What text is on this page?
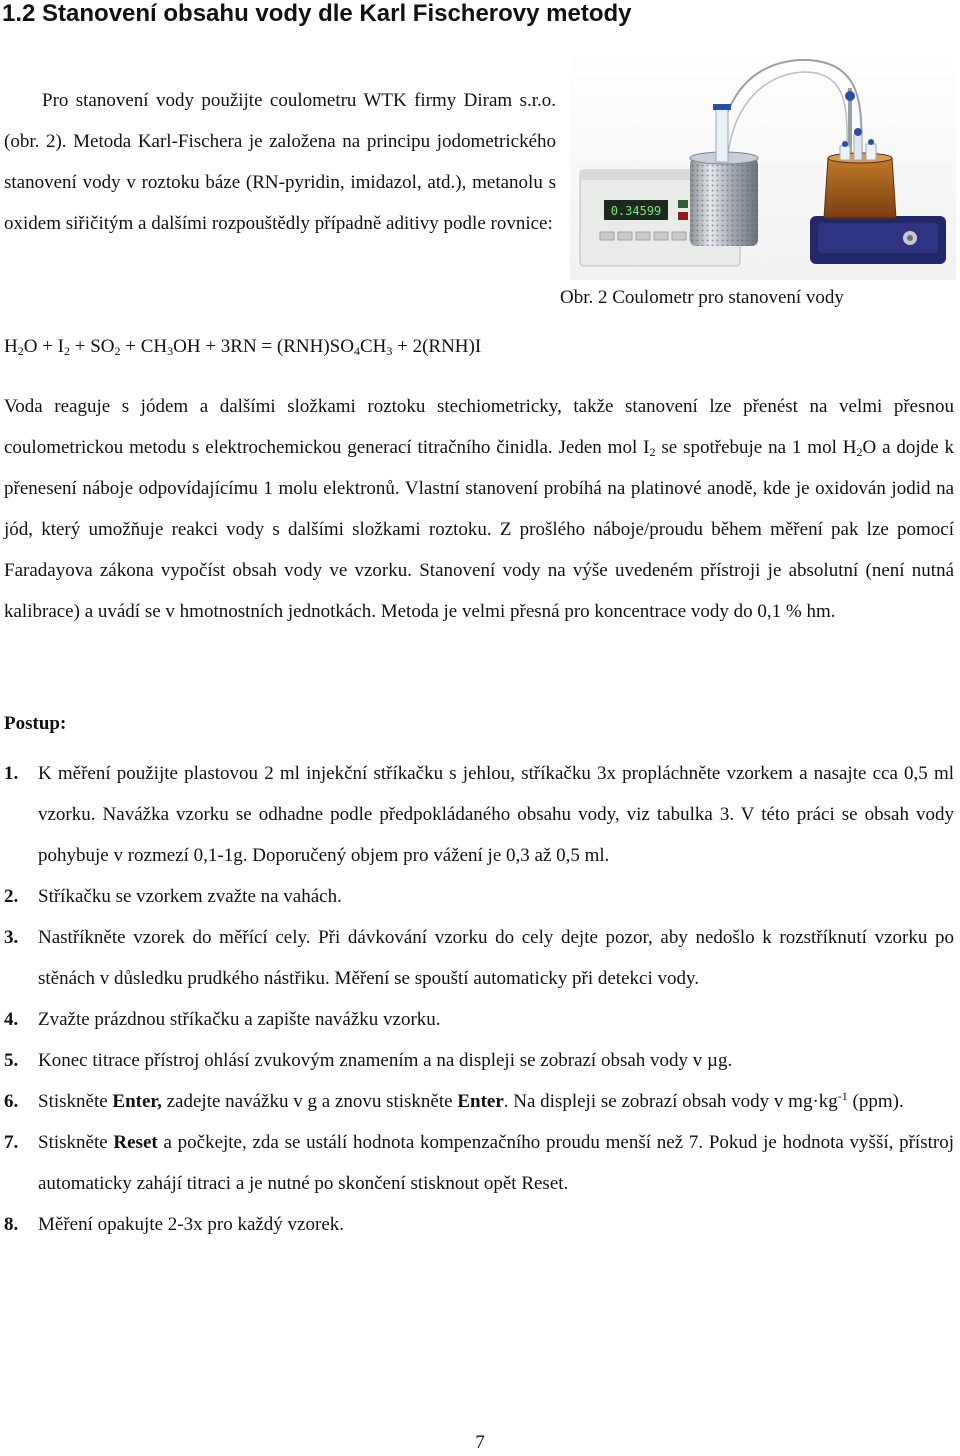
1.2 Stanovení obsahu vody dle Karl Fischerovy metody

Pro stanovení vody použijte coulometru WTK firmy Diram s.r.o. (obr. 2). Metoda Karl-Fischera je založena na principu jodometrického stanovení vody v roztoku báze (RN-pyridin, imidazol, atd.), metanolu s oxidem siřičitým a dalšími rozpouštědly případně aditivy podle rovnice:

0.34599
Obr. 2 Coulometr pro stanovení vody
$H_2O + I_2 + SO_2 + CH_3OH + 3RN = (RNH)SO_4CH_3 + 2(RNH)I$

Voda reaguje s jódem a dalšími složkami roztoku stechiometricky, takže stanovení lze přenést na velmi přesnou coulometrickou metodu s elektrochemickou generací titračního činidla. Jeden mol $I_2$ se spotřebuje na 1 mol $H_2O$ a dojde k přenesení náboje odpovídajícímu 1 molu elektronů. Vlastní stanovení probíhá na platinové anodě, kde je oxidován jodid na jód, který umožňuje reakci vody s dalšími složkami roztoku. Z prošlého náboje/proudu během měření pak lze pomocí Faradayova zákona vypočíst obsah vody ve vzorku. Stanovení vody na výše uvedeném přístroji je absolutní (není nutná kalibrace) a uvádí se v hmotnostních jednotkách. Metoda je velmi přesná pro koncentrace vody do 0,1 % hm.

Postup:
1.	K měření použijte plastovou 2 ml injekční stříkačku s jehlou, stříkačku 3x propláchněte vzorkem a nasajte cca 0,5 ml vzorku. Navážka vzorku se odhadne podle předpokládaného obsahu vody, viz tabulka 3. V této práci se obsah vody pohybuje v rozmezí 0,1-1g. Doporučený objem pro vážení je 0,3 až 0,5 ml.
2.	Stříkačku se vzorkem zvažte na vahách.
3.	Nastříkněte vzorek do měřící cely. Při dávkování vzorku do cely dejte pozor, aby nedošlo k rozstříknutí vzorku po stěnách v důsledku prudkého nástřiku. Měření se spouští automaticky při detekci vody.
4.	Zvažte prázdnou stříkačku a zapište navážku vzorku.
5.	Konec titrace přístroj ohlásí zvukovým znamením a na displeji se zobrazí obsah vody v µg.
6.	Stiskněte Enter, zadejte navážku v g a znovu stiskněte Enter. Na displeji se zobrazí obsah vody v $mg\cdot kg^{-1}$ (ppm).
7.	Stiskněte Reset a počkejte, zda se ustálí hodnota kompenzačního proudu menší než 7. Pokud je hodnota vyšší, přístroj automaticky zahájí titraci a je nutné po skončení stisknout opět Reset.
8.	Měření opakujte 2-3x pro každý vzorek.
7
